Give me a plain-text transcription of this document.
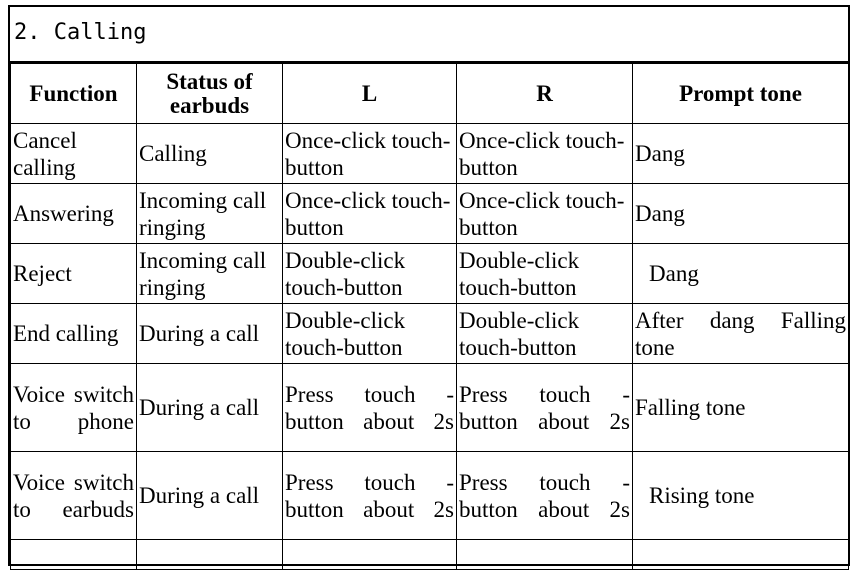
2. Calling
Function	Status of earbuds	L	R	Prompt tone
Cancel calling	Calling	Once-click touch-button	Once-click touch-button	Dang
Answering	Incoming call ringing	Once-click touch-button	Once-click touch-button	Dang
Reject	Incoming call ringing	Double-click touch-button	Double-click touch-button	Dang
End calling	During a call	Double-click touch-button	Double-click touch-button	After dang Falling tone
Voice switch to phone	During a call	Press touch -button about 2s	Press touch -button about 2s	Falling tone
Voice switch to earbuds	During a call	Press touch -button about 2s	Press touch -button about 2s	Rising tone
